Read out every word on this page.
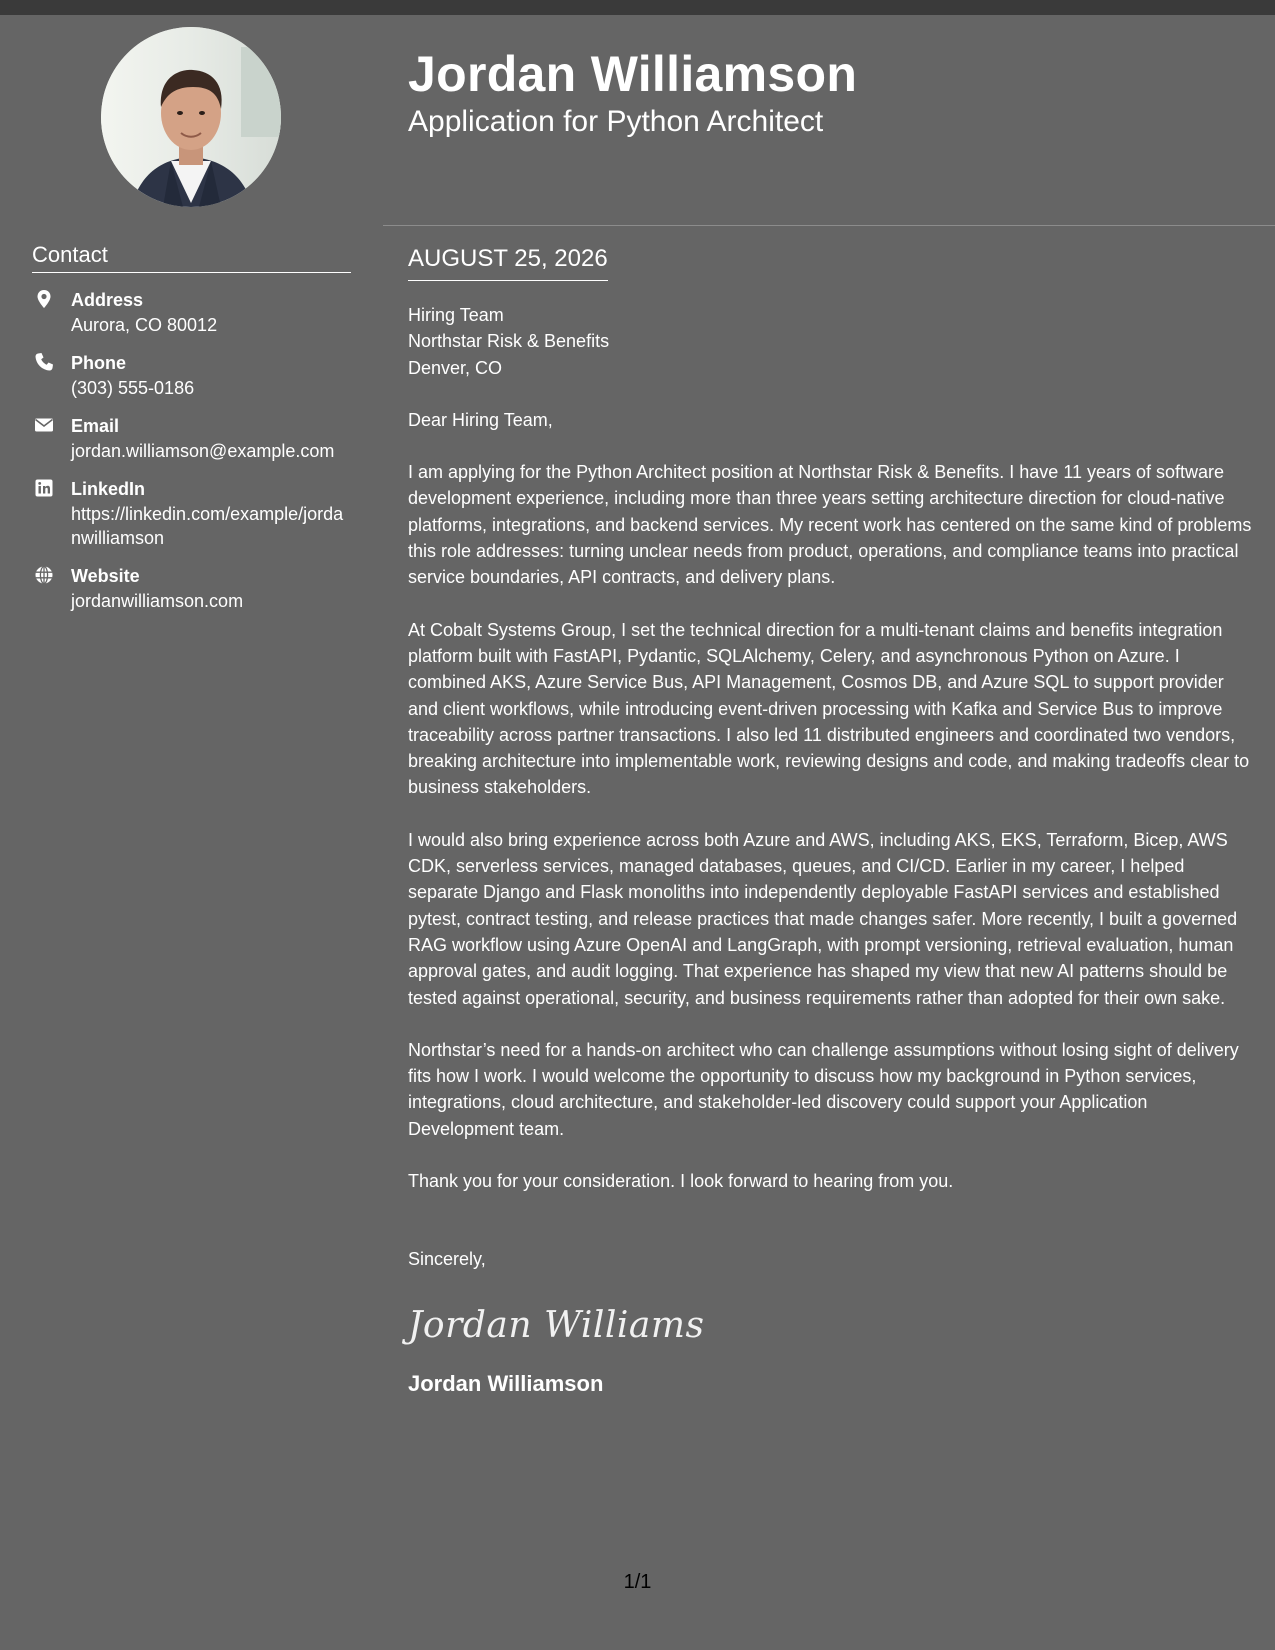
Jordan Williamson
Application for Python Architect
Contact
Address
Aurora, CO 80012
Phone
(303) 555-0186
Email
jordan.williamson@example.com
LinkedIn
https://linkedin.com/example/jordanwilliamson
Website
jordanwilliamson.com
AUGUST 25, 2026

Hiring Team
Northstar Risk & Benefits
Denver, CO

Dear Hiring Team,

I am applying for the Python Architect position at Northstar Risk & Benefits. I have 11 years of software development experience, including more than three years setting architecture direction for cloud-native platforms, integrations, and backend services. My recent work has centered on the same kind of problems this role addresses: turning unclear needs from product, operations, and compliance teams into practical service boundaries, API contracts, and delivery plans.

At Cobalt Systems Group, I set the technical direction for a multi-tenant claims and benefits integration platform built with FastAPI, Pydantic, SQLAlchemy, Celery, and asynchronous Python on Azure. I combined AKS, Azure Service Bus, API Management, Cosmos DB, and Azure SQL to support provider and client workflows, while introducing event-driven processing with Kafka and Service Bus to improve traceability across partner transactions. I also led 11 distributed engineers and coordinated two vendors, breaking architecture into implementable work, reviewing designs and code, and making tradeoffs clear to business stakeholders.

I would also bring experience across both Azure and AWS, including AKS, EKS, Terraform, Bicep, AWS CDK, serverless services, managed databases, queues, and CI/CD. Earlier in my career, I helped separate Django and Flask monoliths into independently deployable FastAPI services and established pytest, contract testing, and release practices that made changes safer. More recently, I built a governed RAG workflow using Azure OpenAI and LangGraph, with prompt versioning, retrieval evaluation, human approval gates, and audit logging. That experience has shaped my view that new AI patterns should be tested against operational, security, and business requirements rather than adopted for their own sake.

Northstar’s need for a hands-on architect who can challenge assumptions without losing sight of delivery fits how I work. I would welcome the opportunity to discuss how my background in Python services, integrations, cloud architecture, and stakeholder-led discovery could support your Application Development team.

Thank you for your consideration. I look forward to hearing from you.

Sincerely,

Jordan Williams

Jordan Williamson

1/1
